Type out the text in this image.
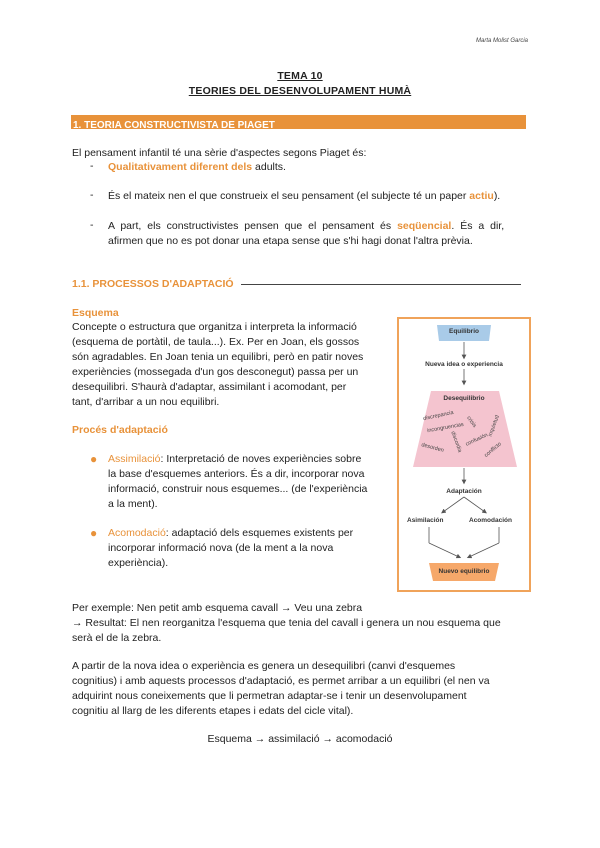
Marta Molist Garcia
TEMA 10
TEORIES DEL DESENVOLUPAMENT HUMÀ
1. TEORIA CONSTRUCTIVISTA DE PIAGET
El pensament infantil té una sèrie d'aspectes segons Piaget és:
- Qualitativament diferent dels adults.
- És el mateix nen el que construeix el seu pensament (el subjecte té un paper actiu).
- A part, els constructivistes pensen que el pensament és seqüencial. És a dir,
afirmen que no es pot donar una etapa sense que s'hi hagi donat l'altra prèvia.
1.1. PROCESSOS D'ADAPTACIÓ
Esquema
Concepte o estructura que organitza i interpreta la informació
(esquema de portàtil, de taula...). Ex. Per en Joan, els gossos
són agradables. En Joan tenia un equilibri, però en patir noves
experiències (mossegada d'un gos desconegut) passa per un
desequilibri. S'haurà d'adaptar, assimilant i acomodant, per
tant, d'arribar a un nou equilibri.
Procés d'adaptació
● Assimilació: Interpretació de noves experiències sobre
la base d'esquemes anteriors. És a dir, incorporar nova
informació, construir nous esquemes... (de l'experiència
a la ment).
● Acomodació: adaptació dels esquemes existents per
incorporar informació nova (de la ment a la nova
experiència).
Equilibrio
Nueva idea o experiencia
Desequilibrio
discrepancia
incongruencias crisis inquietud
discordia confusión
desorden	conflicto
Adaptación
Asimilación	Acomodación
Nuevo equilibrio
Per exemple: Nen petit amb esquema cavall → Veu una zebra
→ Resultat: El nen reorganitza l'esquema que tenia del cavall i genera un nou esquema que
serà el de la zebra.
A partir de la nova idea o experiència es genera un desequilibri (canvi d'esquemes
cognitius) i amb aquests processos d'adaptació, es permet arribar a un equilibri (el nen va
adquirint nous coneixements que li permetran adaptar-se i tenir un desenvolupament
cognitiu al llarg de les diferents etapes i edats del cicle vital).
Esquema → assimilació → acomodació
